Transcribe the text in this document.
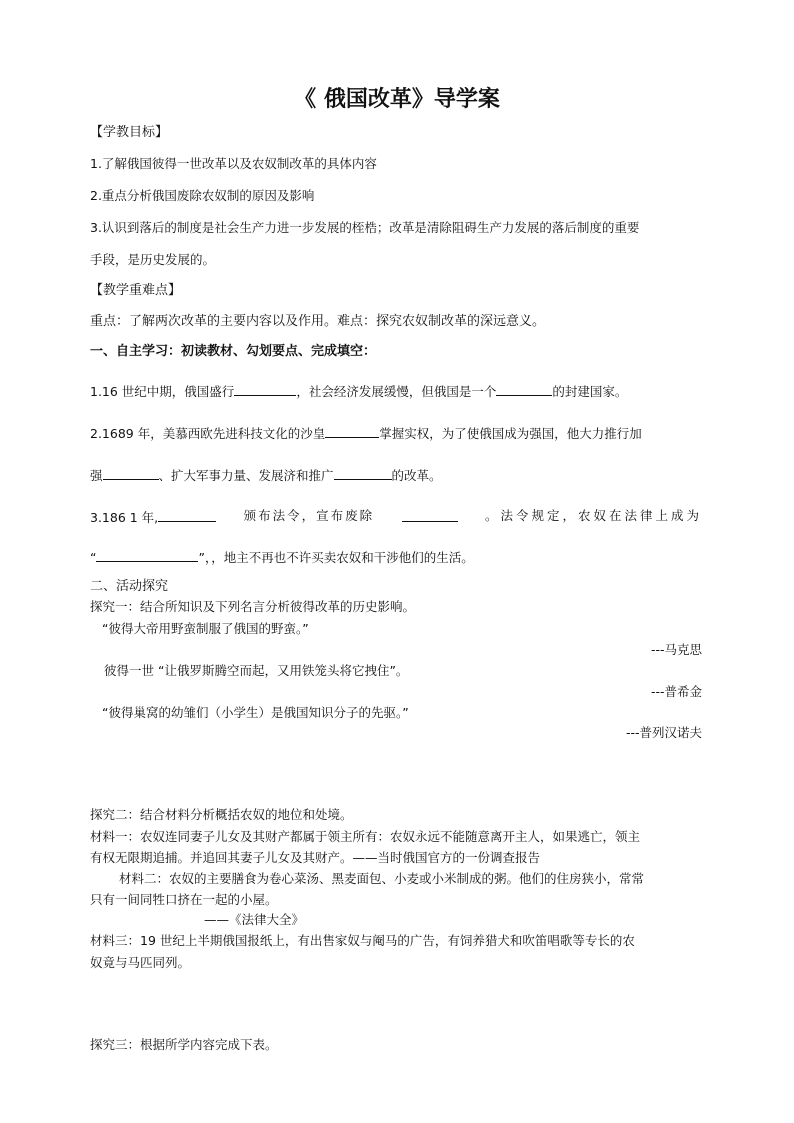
《 俄国改革》导学案
【学教目标】
1.了解俄国彼得一世改革以及农奴制改革的具体内容
2.重点分析俄国废除农奴制的原因及影响
3.认识到落后的制度是社会生产力进一步发展的桎梏；改革是清除阻碍生产力发展的落后制度的重要
手段，是历史发展的。
【教学重难点】
重点：了解两次改革的主要内容以及作用。难点：探究农奴制改革的深远意义。
一、自主学习：初读教材、勾划要点、完成填空：
1.16 世纪中期，俄国盛行	，社会经济发展缓慢，但俄国是一个	的封建国家。
2.1689 年，美慕西欧先进科技文化的沙皇	掌握实权，为了使俄国成为强国，他大力推行加
强	、扩大军事力量、发展济和推广	的改革。
3.186 1 年,	颁布法令，宣布废除	。法令规定，农奴在法律上成为
“	”，，地主不再也不许买卖农奴和干涉他们的生活。
二、活动探究
探究一：结合所知识及下列名言分析彼得改革的历史影响。
“彼得大帝用野蛮制服了俄国的野蛮。”
---马克思
彼得一世 “让俄罗斯腾空而起，又用铁笼头将它拽住”。
---普希金
“彼得巢窝的幼雏们（小学生）是俄国知识分子的先驱。”
---普列汉诺夫
探究二：结合材料分析概括农奴的地位和处境。
材料一：农奴连同妻子儿女及其财产都属于领主所有：农奴永远不能随意离开主人，如果逃亡，领主
有权无限期追捕。并追回其妻子儿女及其财产。——当时俄国官方的一份调查报告
材料二：农奴的主要膳食为卷心菜汤、黑麦面包、小麦或小米制成的粥。他们的住房狭小，常常
只有一间同牲口挤在一起的小屋。
——《法律大全》
材料三：19 世纪上半期俄国报纸上，有出售家奴与阉马的广告，有饲养猎犬和吹笛唱歌等专长的农
奴竟与马匹同列。
探究三：根据所学内容完成下表。
